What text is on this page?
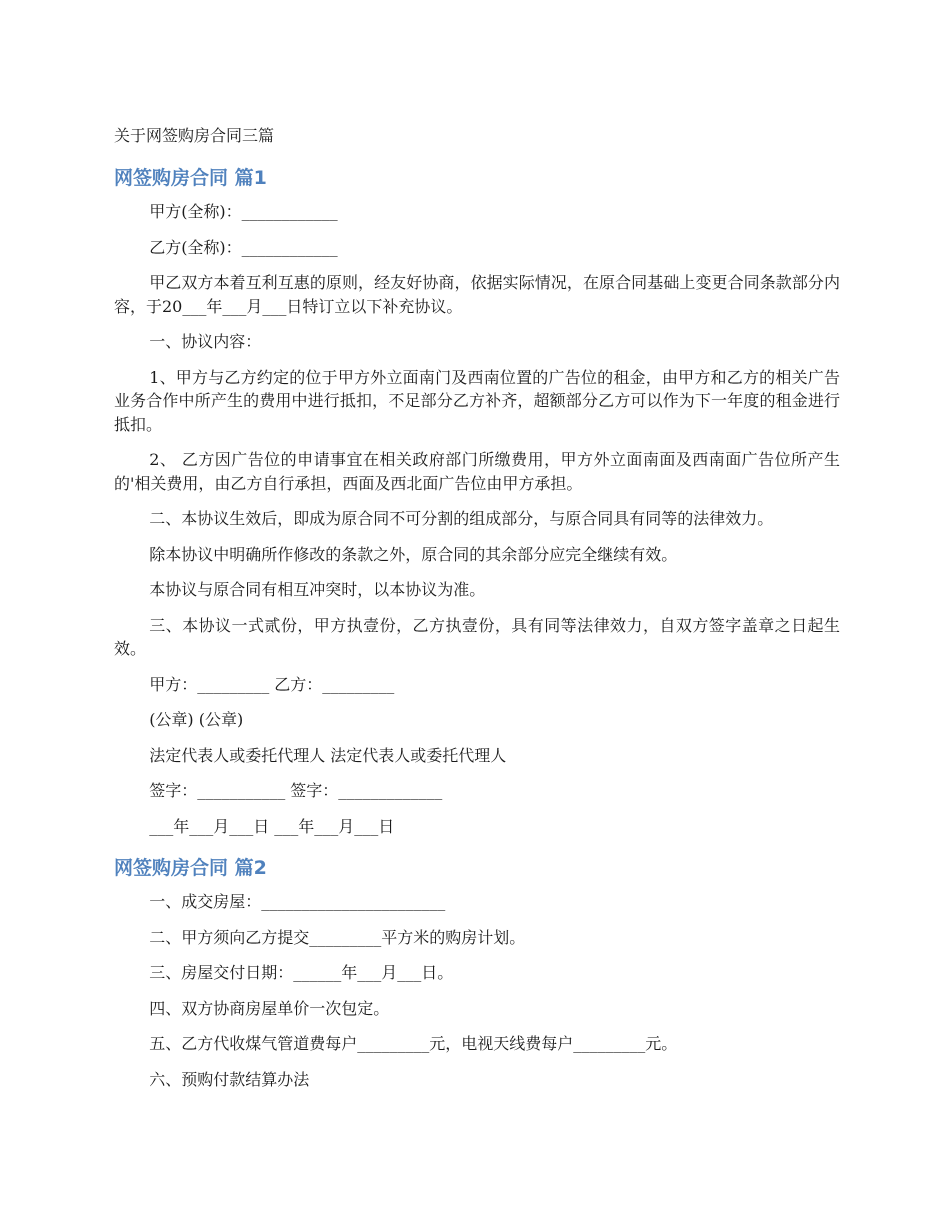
关于网签购房合同三篇
网签购房合同 篇1

甲方(全称)：____________

乙方(全称)：____________

甲乙双方本着互利互惠的原则，经友好协商，依据实际情况，在原合同基础上变更合同条款部分内容，于20___年___月___日特订立以下补充协议。

一、协议内容：

1、甲方与乙方约定的位于甲方外立面南门及西南位置的广告位的租金，由甲方和乙方的相关广告业务合作中所产生的费用中进行抵扣，不足部分乙方补齐，超额部分乙方可以作为下一年度的租金进行抵扣。

2、 乙方因广告位的申请事宜在相关政府部门所缴费用，甲方外立面南面及西南面广告位所产生的'相关费用，由乙方自行承担，西面及西北面广告位由甲方承担。

二、本协议生效后，即成为原合同不可分割的组成部分，与原合同具有同等的法律效力。

除本协议中明确所作修改的条款之外，原合同的其余部分应完全继续有效。

本协议与原合同有相互冲突时，以本协议为准。

三、本协议一式贰份，甲方执壹份，乙方执壹份，具有同等法律效力，自双方签字盖章之日起生效。

甲方：_________ 乙方：_________

(公章) (公章)

法定代表人或委托代理人 法定代表人或委托代理人

签字：___________ 签字：_____________

___年___月___日 ___年___月___日

网签购房合同 篇2

一、成交房屋：_______________________

二、甲方须向乙方提交_________平方米的购房计划。

三、房屋交付日期：______年___月___日。

四、双方协商房屋单价一次包定。

五、乙方代收煤气管道费每户_________元，电视天线费每户_________元。

六、预购付款结算办法
